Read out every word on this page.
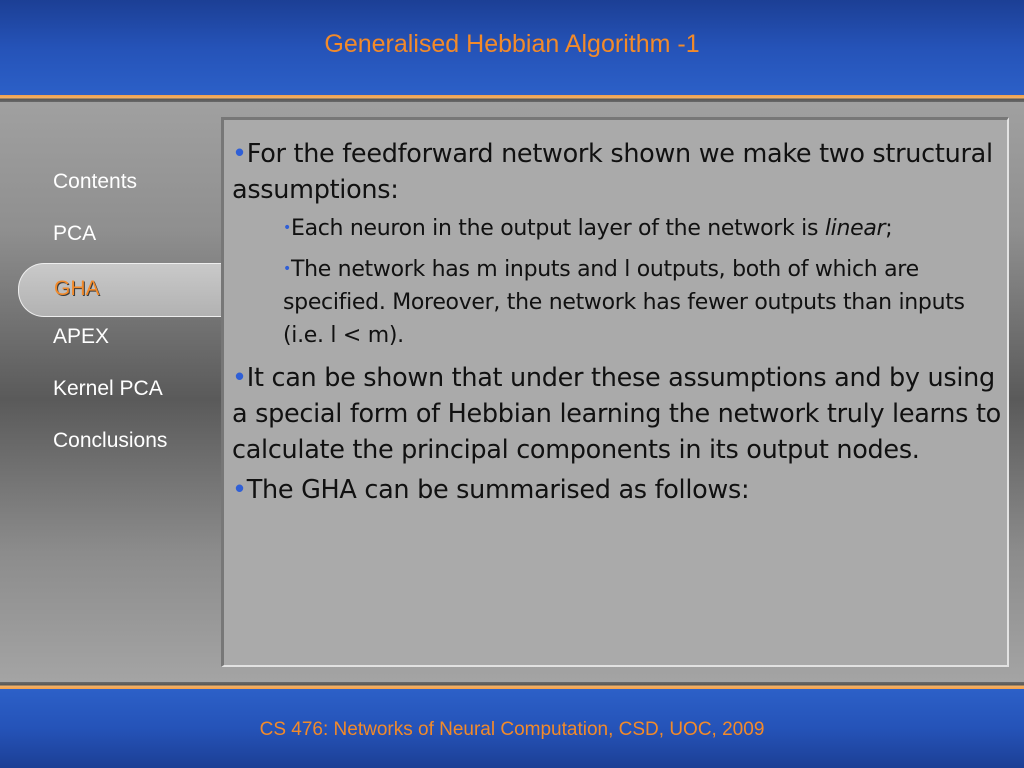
Generalised Hebbian Algorithm -1
Contents
PCA
GHA
APEX
Kernel PCA
Conclusions

•For the feedforward network shown we make two structural assumptions:

•Each neuron in the output layer of the network is linear;

•The network has m inputs and l outputs, both of which are specified. Moreover, the network has fewer outputs than inputs (i.e. l < m).

•It can be shown that under these assumptions and by using a special form of Hebbian learning the network truly learns to calculate the principal components in its output nodes.

•The GHA can be summarised as follows:

CS 476: Networks of Neural Computation, CSD, UOC, 2009
